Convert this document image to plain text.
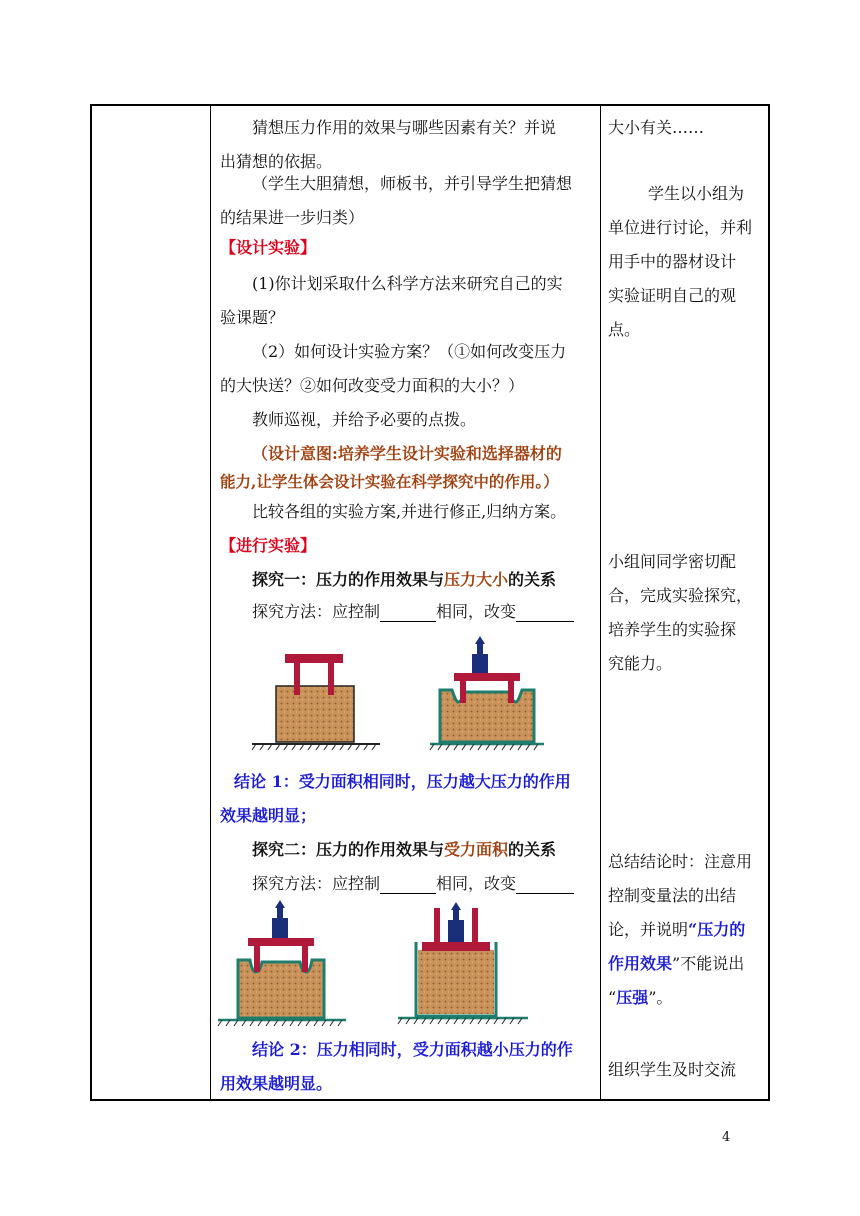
猜想压力作用的效果与哪些因素有关？并说
出猜想的依据。
（学生大胆猜想，师板书，并引导学生把猜想
的结果进一步归类）
【设计实验】
(1)你计划采取什么科学方法来研究自己的实
验课题？
（2）如何设计实验方案？（①如何改变压力
的大快送？②如何改变受力面积的大小？）
教师巡视，并给予必要的点拨。
（设计意图:培养学生设计实验和选择器材的
能力,让学生体会设计实验在科学探究中的作用。）
比较各组的实验方案,并进行修正,归纳方案。
【进行实验】
探究一：压力的作用效果与压力大小的关系
探究方法：应控制	相同，改变
结论 1：受力面积相同时，压力越大压力的作用
效果越明显；
探究二：压力的作用效果与受力面积的关系
探究方法：应控制	相同，改变
结论 2：压力相同时，受力面积越小压力的作
用效果越明显。
大小有关……
学生以小组为
单位进行讨论，并利
用手中的器材设计
实验证明自己的观
点。
小组间同学密切配
合，完成实验探究，
培养学生的实验探
究能力。
总结结论时：注意用
控制变量法的出结
论，并说明“压力的
作用效果”不能说出
“压强”。
组织学生及时交流
4
